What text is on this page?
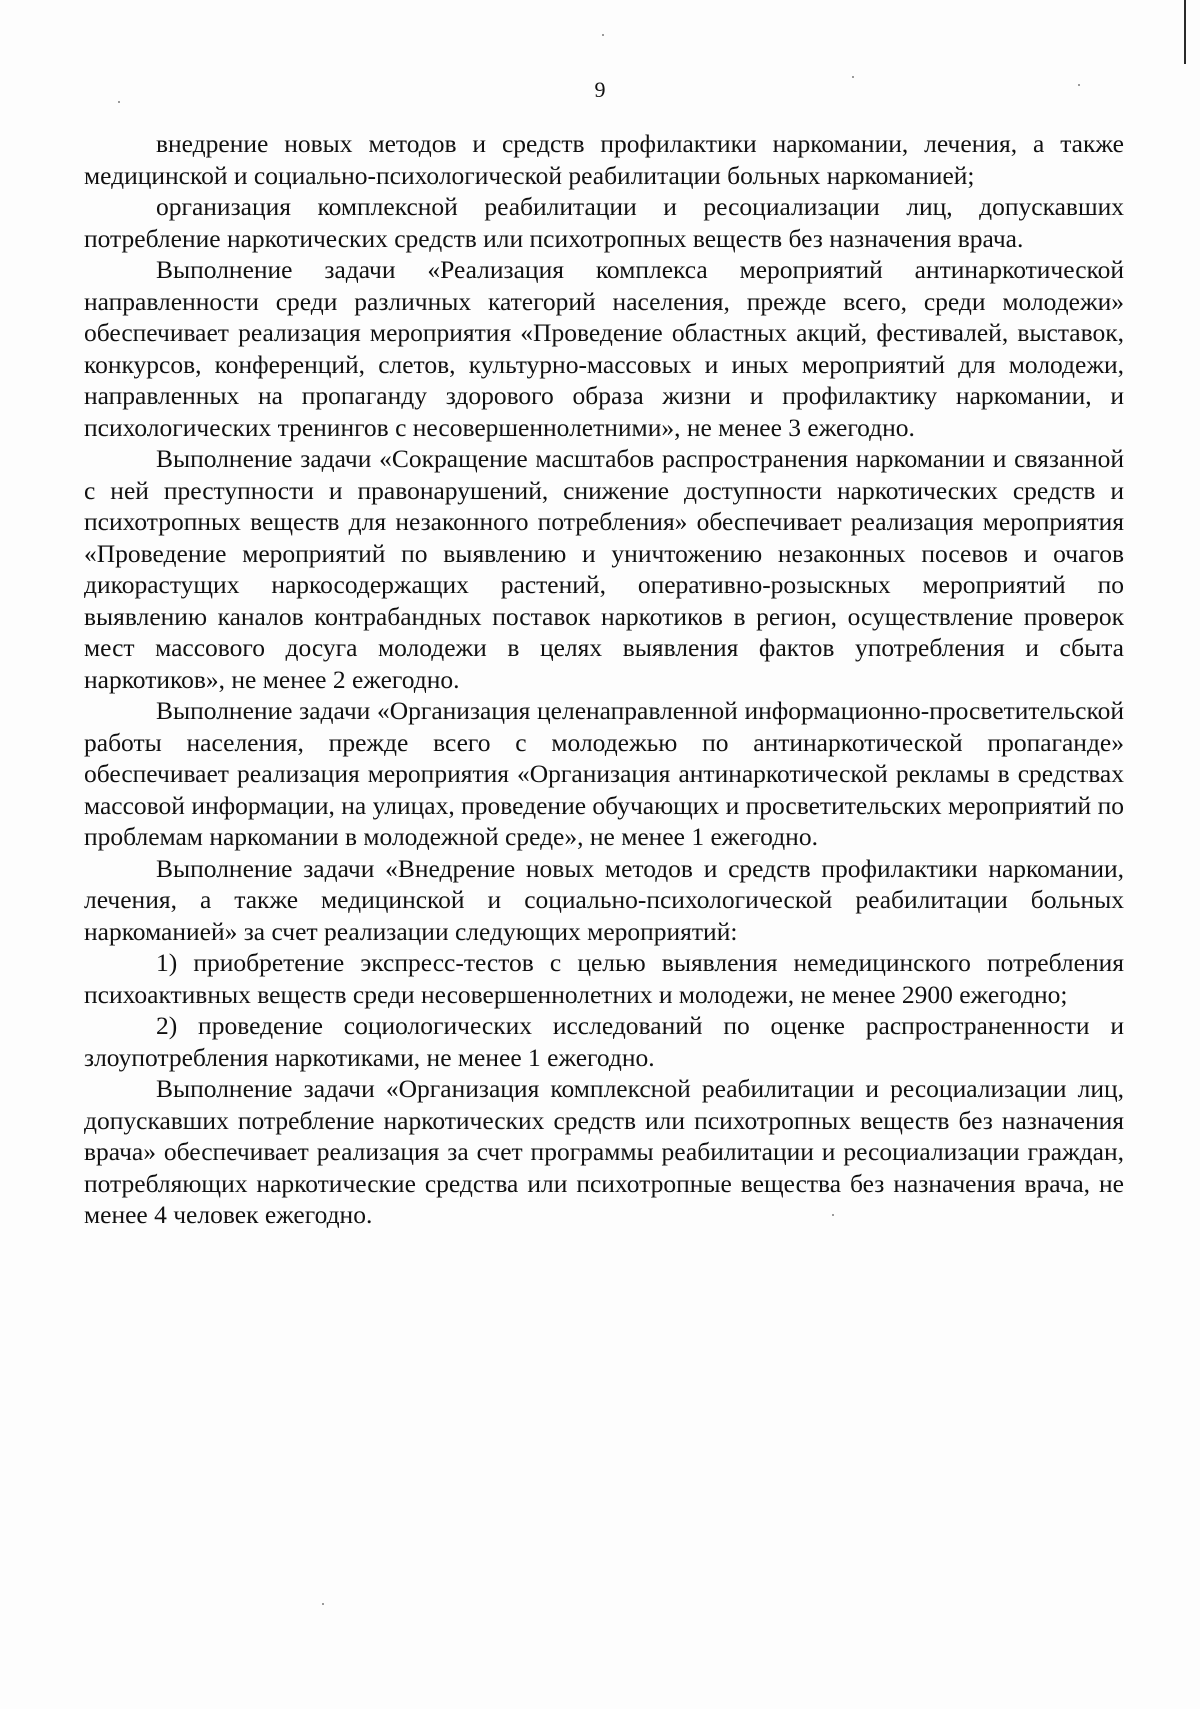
9

внедрение новых методов и средств профилактики наркомании, лечения, а также медицинской и социально-психологической реабилитации больных наркоманией;

организация комплексной реабилитации и ресоциализации лиц, допускавших потребление наркотических средств или психотропных веществ без назначения врача.

Выполнение задачи «Реализация комплекса мероприятий антинаркотической направленности среди различных категорий населения, прежде всего, среди молодежи» обеспечивает реализация мероприятия «Проведение областных акций, фестивалей, выставок, конкурсов, конференций, слетов, культурно-массовых и иных мероприятий для молодежи, направленных на пропаганду здорового образа жизни и профилактику наркомании, и психологических тренингов с несовершеннолетними», не менее 3 ежегодно.

Выполнение задачи «Сокращение масштабов распространения наркомании и связанной с ней преступности и правонарушений, снижение доступности наркотических средств и психотропных веществ для незаконного потребления» обеспечивает реализация мероприятия «Проведение мероприятий по выявлению и уничтожению незаконных посевов и очагов дикорастущих наркосодержащих растений, оперативно-розыскных мероприятий по выявлению каналов контрабандных поставок наркотиков в регион, осуществление проверок мест массового досуга молодежи в целях выявления фактов употребления и сбыта наркотиков», не менее 2 ежегодно.

Выполнение задачи «Организация целенаправленной информационно-просветительской работы населения, прежде всего с молодежью по антинаркотической пропаганде» обеспечивает реализация мероприятия «Организация антинаркотической рекламы в средствах массовой информации, на улицах, проведение обучающих и просветительских мероприятий по проблемам наркомании в молодежной среде», не менее 1 ежегодно.

Выполнение задачи «Внедрение новых методов и средств профилактики наркомании, лечения, а также медицинской и социально-психологической реабилитации больных наркоманией» за счет реализации следующих мероприятий:

1) приобретение экспресс-тестов с целью выявления немедицинского потребления психоактивных веществ среди несовершеннолетних и молодежи, не менее 2900 ежегодно;

2) проведение социологических исследований по оценке распространенности и злоупотребления наркотиками, не менее 1 ежегодно.

Выполнение задачи «Организация комплексной реабилитации и ресоциализации лиц, допускавших потребление наркотических средств или психотропных веществ без назначения врача» обеспечивает реализация за счет программы реабилитации и ресоциализации граждан, потребляющих наркотические средства или психотропные вещества без назначения врача, не менее 4 человек ежегодно.
